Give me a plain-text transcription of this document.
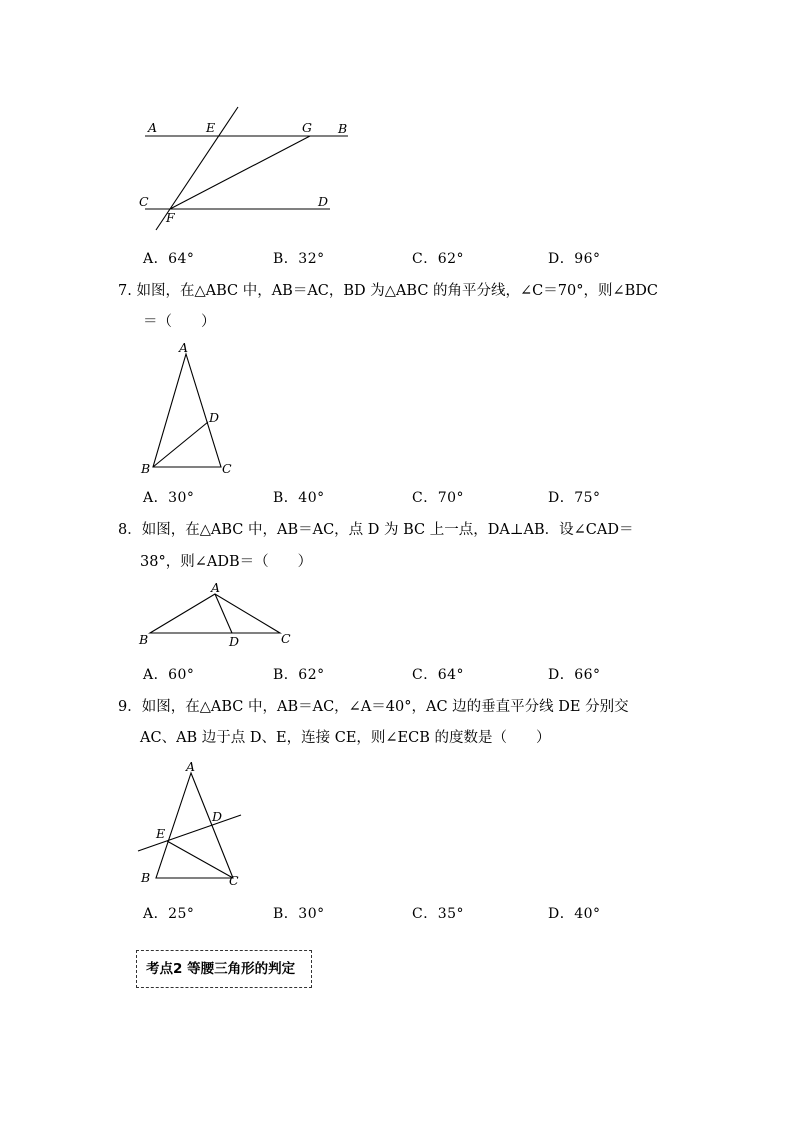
A	E	G B
C
F
D
A．64°	B．32°	C．62°	D．96°
7. 如图，在△ABC 中，AB＝AC，BD 为△ABC 的角平分线，∠C＝70°，则∠BDC
＝（　　）
A
D
B	C
A．30°	B．40°	C．70°	D．75°
8．如图，在△ABC 中，AB＝AC，点 D 为 BC 上一点，DA⊥AB．设∠CAD＝
38°，则∠ADB＝（　　）
A
B	D	C
A．60°	B．62°	C．64°	D．66°
9．如图，在△ABC 中，AB＝AC，∠A＝40°，AC 边的垂直平分线 DE 分别交
AC、AB 边于点 D、E，连接 CE，则∠ECB 的度数是（　　）
A
D
E
B	C
A．25°	B．30°	C．35°	D．40°
考点2 等腰三角形的判定
